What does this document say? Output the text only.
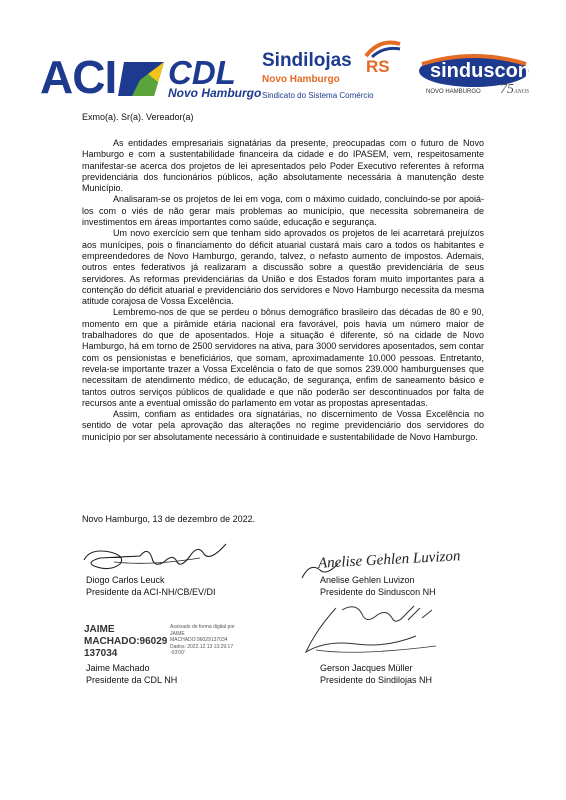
ACI CDL
Novo Hamburgo
Sindilojas RS
Novo Hamburgo
Sindicato do Sistema Comércio
sinduscon
NOVO HAMBURGO 75ANOS
Exmo(a). Sr(a). Vereador(a)

As entidades empresariais signatárias da presente, preocupadas com o futuro de Novo Hamburgo e com a sustentabilidade financeira da cidade e do IPASEM, vem, respeitosamente manifestar-se acerca dos projetos de lei apresentados pelo Poder Executivo referentes à reforma previdenciária dos funcionários públicos, ação absolutamente necessária à manutenção deste Município.

Analisaram-se os projetos de lei em voga, com o máximo cuidado, concluindo-se por apoiá-los com o viés de não gerar mais problemas ao município, que necessita sobremaneira de investimentos em áreas importantes como saúde, educação e segurança.

Um novo exercício sem que tenham sido aprovados os projetos de lei acarretará prejuízos aos munícipes, pois o financiamento do déficit atuarial custará mais caro a todos os habitantes e empreendedores de Novo Hamburgo, gerando, talvez, o nefasto aumento de impostos. Ademais, outros entes federativos já realizaram a discussão sobre a questão previdenciária de seus servidores. As reformas previdenciárias da União e dos Estados foram muito importantes para a contenção do déficit atuarial e previdenciário dos servidores e Novo Hamburgo necessita da mesma atitude corajosa de Vossa Excelência.

Lembremo-nos de que se perdeu o bônus demográfico brasileiro das décadas de 80 e 90, momento em que a pirâmide etária nacional era favorável, pois havia um número maior de trabalhadores do que de aposentados. Hoje a situação é diferente, só na cidade de Novo Hamburgo, há em torno de 2500 servidores na ativa, para 3000 servidores aposentados, sem contar com os pensionistas e beneficiários, que somam, aproximadamente 10.000 pessoas. Entretanto, revela-se importante trazer a Vossa Excelência o fato de que somos 239.000 hamburguenses que necessitam de atendimento médico, de educação, de segurança, enfim de saneamento básico e tantos outros serviços públicos de qualidade e que não poderão ser descontinuados por falta de recursos ante a eventual omissão do parlamento em votar as propostas apresentadas.

Assim, confiam as entidades ora signatárias, no discernimento de Vossa Excelência no sentido de votar pela aprovação das alterações no regime previdenciário dos servidores do município por ser absolutamente necessário à continuidade e sustentabilidade de Novo Hamburgo.

Novo Hamburgo, 13 de dezembro de 2022.
Diogo Carlos Leuck
Presidente da ACI-NH/CB/EV/DI
Anelise Gehlen Luvizon
Anelise Gehlen Luvizon
Presidente do Sinduscon NH
JAIME
MACHADO:96029
137034
Assinado de forma digital por
JAIME
MACHADO:96029137034
Dados: 2022.12.13 13:29:17
-03'00'
Jaime Machado
Presidente da CDL NH
Gerson Jacques Müller
Presidente do Sindilojas NH
